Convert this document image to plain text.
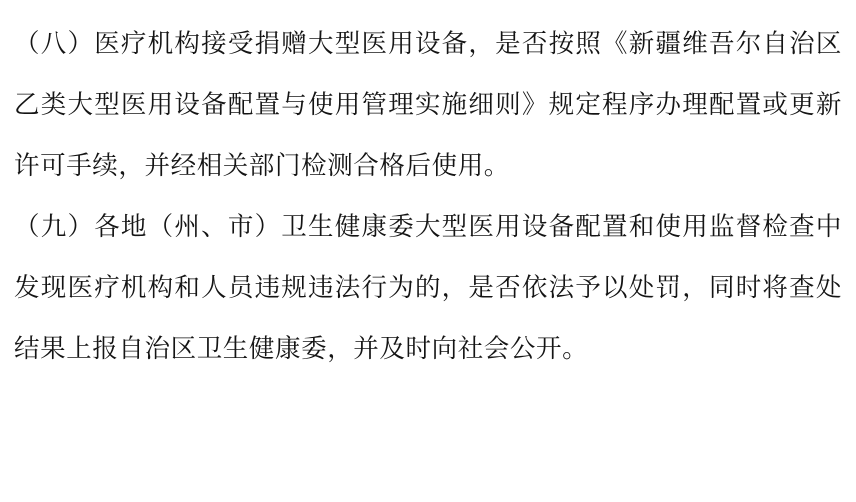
（八）医疗机构接受捐赠大型医用设备，是否按照《新疆维吾尔自治区乙类大型医用设备配置与使用管理实施细则》规定程序办理配置或更新许可手续，并经相关部门检测合格后使用。

（九）各地（州、市）卫生健康委大型医用设备配置和使用监督检查中发现医疗机构和人员违规违法行为的，是否依法予以处罚，同时将查处结果上报自治区卫生健康委，并及时向社会公开。
